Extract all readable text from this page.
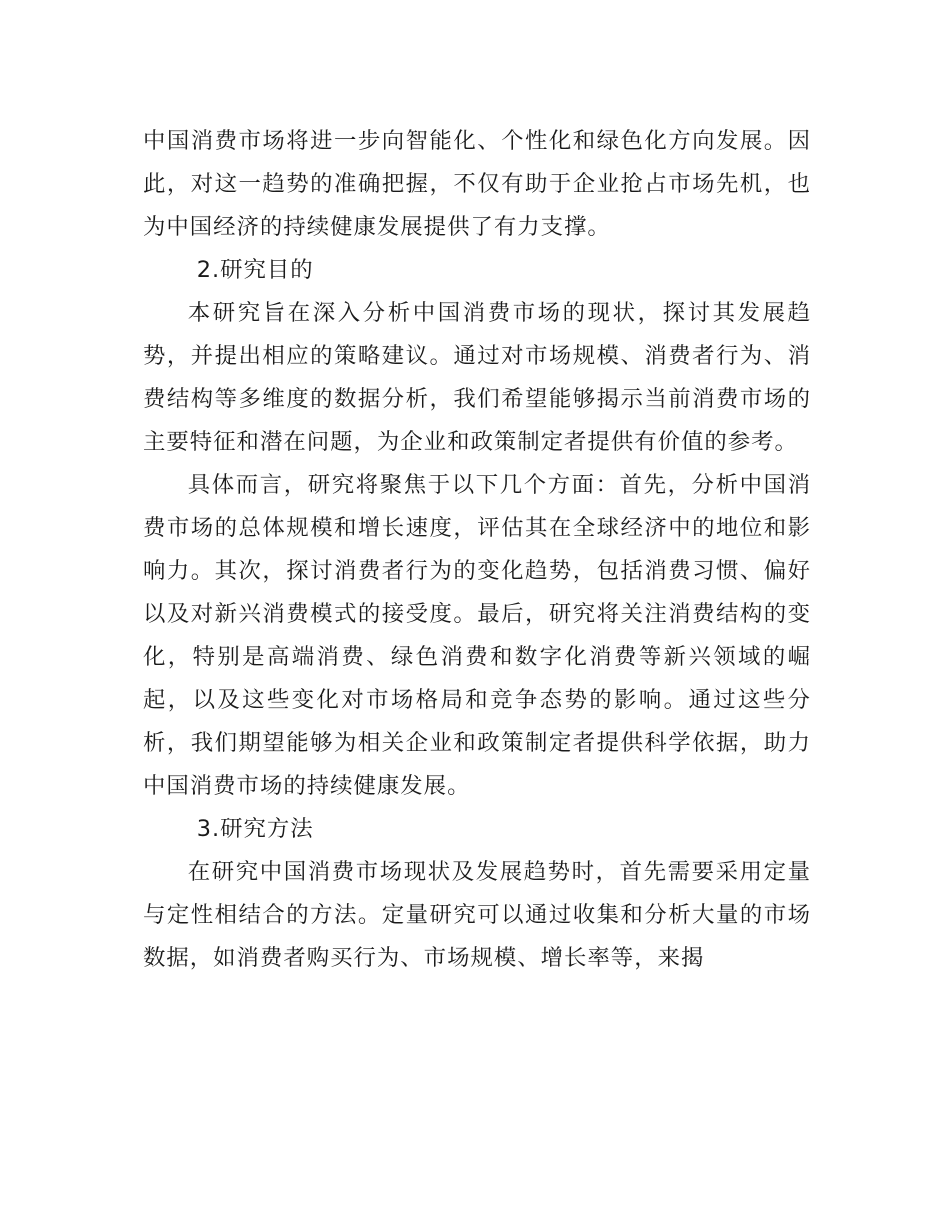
中国消费市场将进一步向智能化、个性化和绿色化方向发展。因此，对这一趋势的准确把握，不仅有助于企业抢占市场先机，也为中国经济的持续健康发展提供了有力支撑。

2.研究目的

本研究旨在深入分析中国消费市场的现状，探讨其发展趋势，并提出相应的策略建议。通过对市场规模、消费者行为、消费结构等多维度的数据分析，我们希望能够揭示当前消费市场的主要特征和潜在问题，为企业和政策制定者提供有价值的参考。

具体而言，研究将聚焦于以下几个方面：首先，分析中国消费市场的总体规模和增长速度，评估其在全球经济中的地位和影响力。其次，探讨消费者行为的变化趋势，包括消费习惯、偏好以及对新兴消费模式的接受度。最后，研究将关注消费结构的变化，特别是高端消费、绿色消费和数字化消费等新兴领域的崛起，以及这些变化对市场格局和竞争态势的影响。通过这些分析，我们期望能够为相关企业和政策制定者提供科学依据，助力中国消费市场的持续健康发展。

3.研究方法

在研究中国消费市场现状及发展趋势时，首先需要采用定量与定性相结合的方法。定量研究可以通过收集和分析大量的市场数据，如消费者购买行为、市场规模、增长率等，来揭
